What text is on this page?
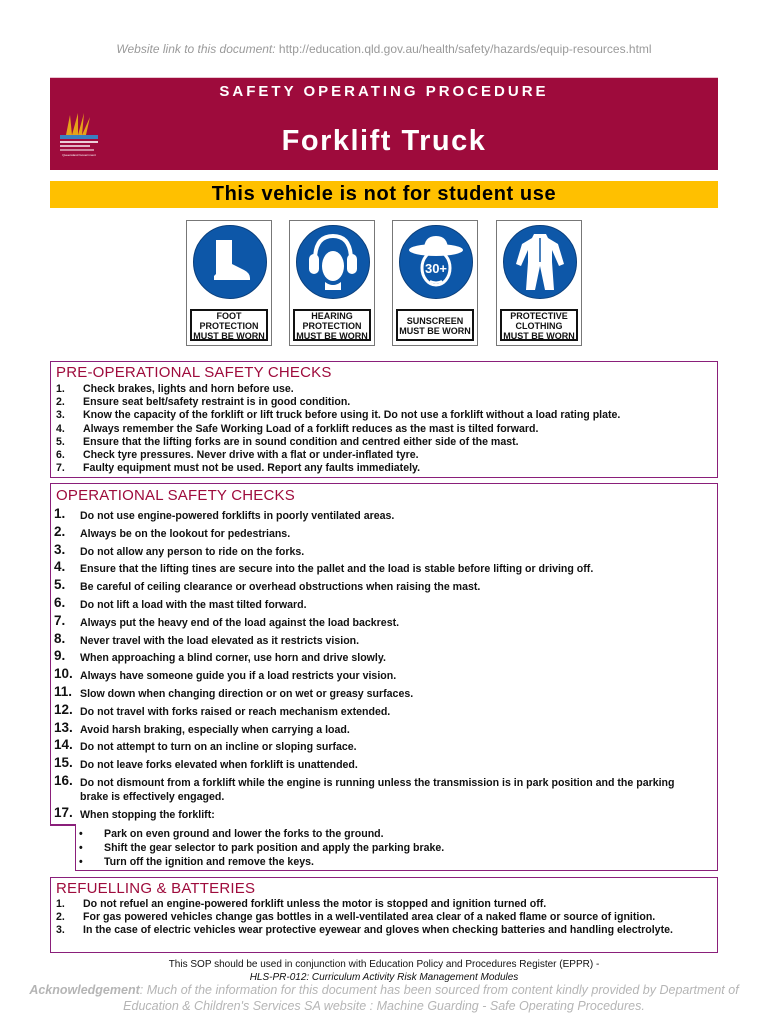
Website link to this document: http://education.qld.gov.au/health/safety/hazards/equip-resources.html
Queensland Government
SAFETY OPERATING PROCEDURE
Forklift Truck
This vehicle is not for student use
FOOT
PROTECTION
MUST BE WORN
HEARING
PROTECTION
MUST BE WORN
30+
SUNSCREEN
MUST BE WORN
PROTECTIVE
CLOTHING
MUST BE WORN
PRE-OPERATIONAL SAFETY CHECKS
1. Check brakes, lights and horn before use.
2. Ensure seat belt/safety restraint is in good condition.
3. Know the capacity of the forklift or lift truck before using it. Do not use a forklift without a load rating plate.
4. Always remember the Safe Working Load of a forklift reduces as the mast is tilted forward.
5. Ensure that the lifting forks are in sound condition and centred either side of the mast.
6. Check tyre pressures. Never drive with a flat or under-inflated tyre.
7. Faulty equipment must not be used. Report any faults immediately.
OPERATIONAL SAFETY CHECKS
1. Do not use engine-powered forklifts in poorly ventilated areas.
2. Always be on the lookout for pedestrians.
3. Do not allow any person to ride on the forks.
4. Ensure that the lifting tines are secure into the pallet and the load is stable before lifting or driving off.
5. Be careful of ceiling clearance or overhead obstructions when raising the mast.
6. Do not lift a load with the mast tilted forward.
7. Always put the heavy end of the load against the load backrest.
8. Never travel with the load elevated as it restricts vision.
9. When approaching a blind corner, use horn and drive slowly.
10. Always have someone guide you if a load restricts your vision.
11. Slow down when changing direction or on wet or greasy surfaces.
12. Do not travel with forks raised or reach mechanism extended.
13. Avoid harsh braking, especially when carrying a load.
14. Do not attempt to turn on an incline or sloping surface.
15. Do not leave forks elevated when forklift is unattended.
16. Do not dismount from a forklift while the engine is running unless the transmission is in park position and the parking brake is effectively engaged.
17. When stopping the forklift:
• Park on even ground and lower the forks to the ground.
• Shift the gear selector to park position and apply the parking brake.
• Turn off the ignition and remove the keys.
REFUELLING & BATTERIES
1. Do not refuel an engine-powered forklift unless the motor is stopped and ignition turned off.
2. For gas powered vehicles change gas bottles in a well-ventilated area clear of a naked flame or source of ignition.
3. In the case of electric vehicles wear protective eyewear and gloves when checking batteries and handling electrolyte.
This SOP should be used in conjunction with Education Policy and Procedures Register (EPPR) -
HLS-PR-012: Curriculum Activity Risk Management Modules
Acknowledgement: Much of the information for this document has been sourced from content kindly provided by Department of Education & Children's Services SA website : Machine Guarding - Safe Operating Procedures.
